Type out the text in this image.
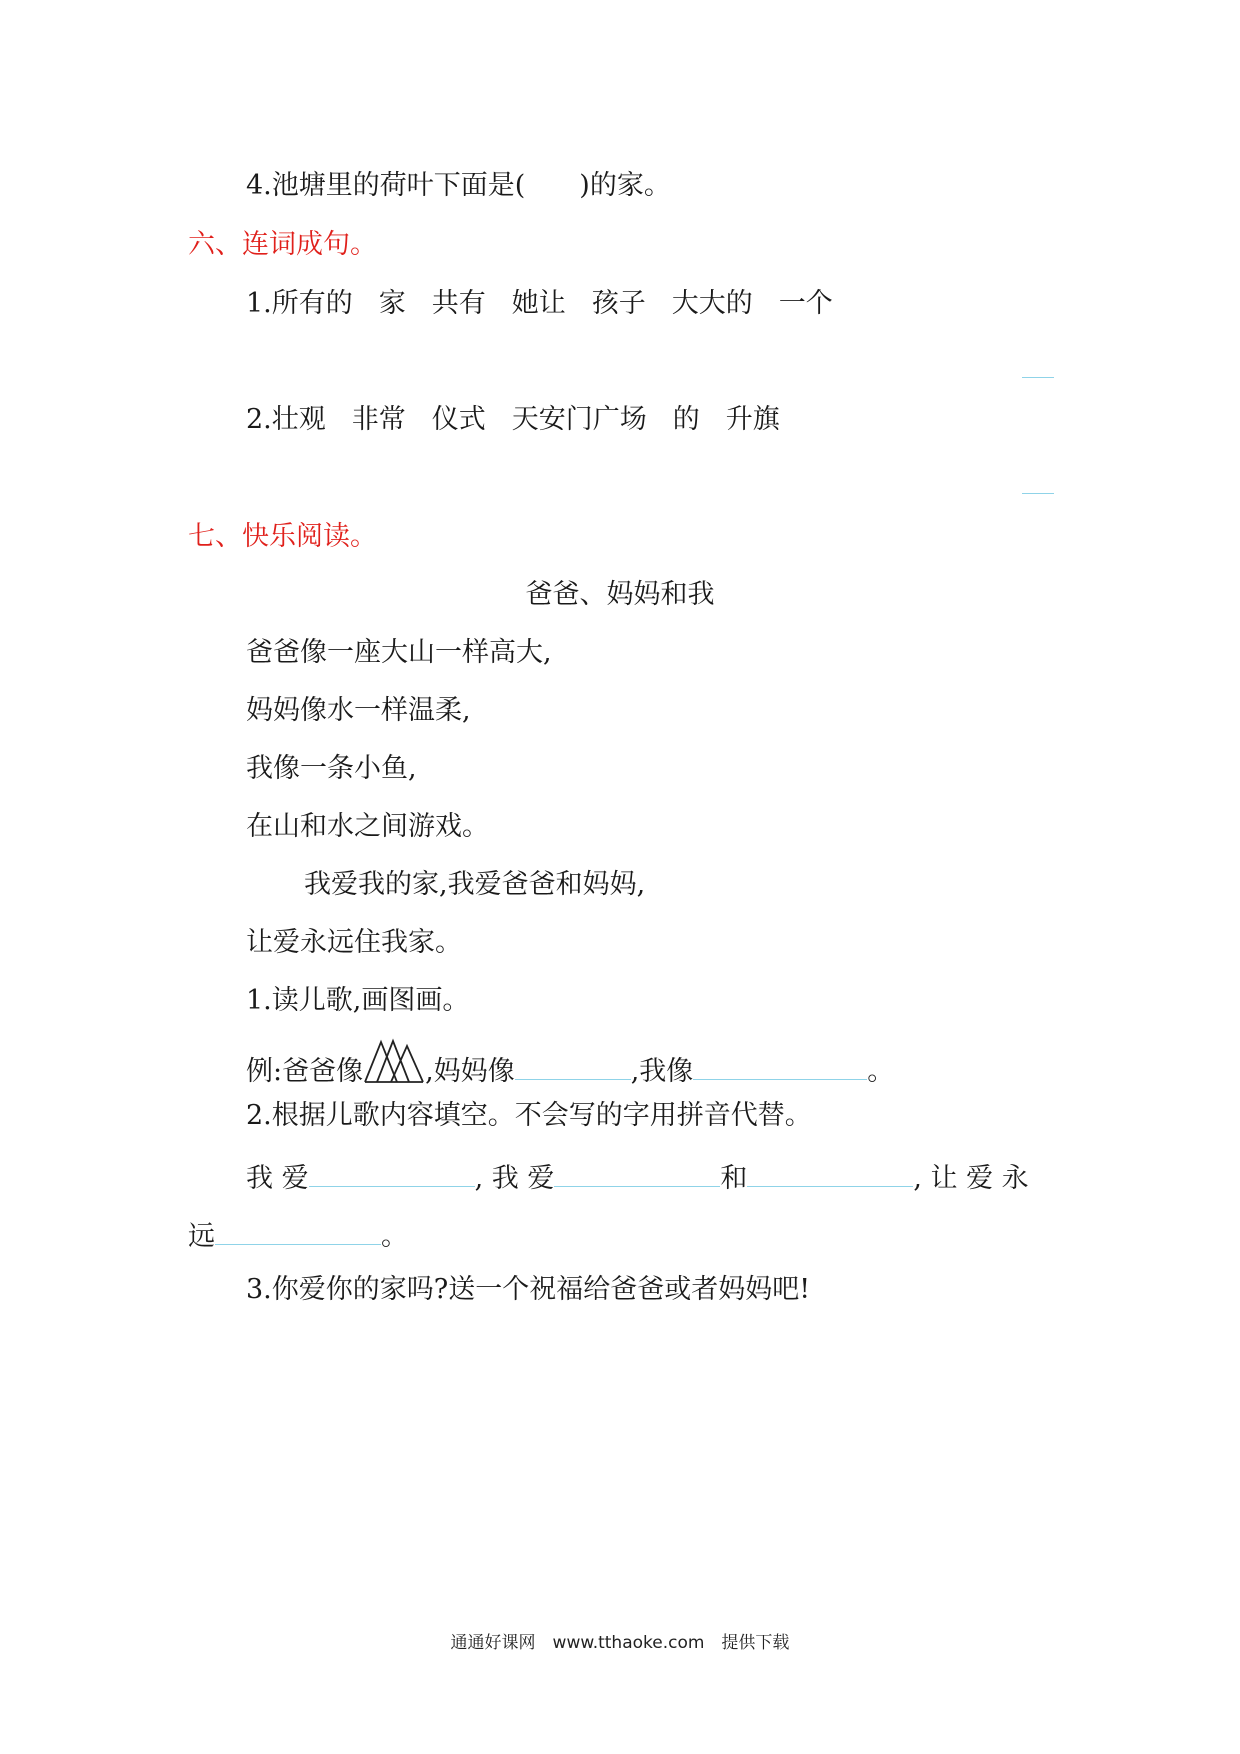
4.池塘里的荷叶下面是( )的家。
六、连词成句。
1.所有的 家 共有 她让 孩子 大大的 一个
2.壮观 非常 仪式 天安门广场 的 升旗
七、快乐阅读。
爸爸、妈妈和我
爸爸像一座大山一样高大,
妈妈像水一样温柔,
我像一条小鱼,
在山和水之间游戏。
我爱我的家,我爱爸爸和妈妈,
让爱永远住我家。
1.读儿歌,画图画。
例:爸爸像 ,妈妈像	,我像	。
2.根据儿歌内容填空。不会写的字用拼音代替。
我 爱	, 我 爱	和	, 让 爱 永
远	。
3.你爱你的家吗?送一个祝福给爸爸或者妈妈吧!
通通好课网　www.tthaoke.com　提供下载
